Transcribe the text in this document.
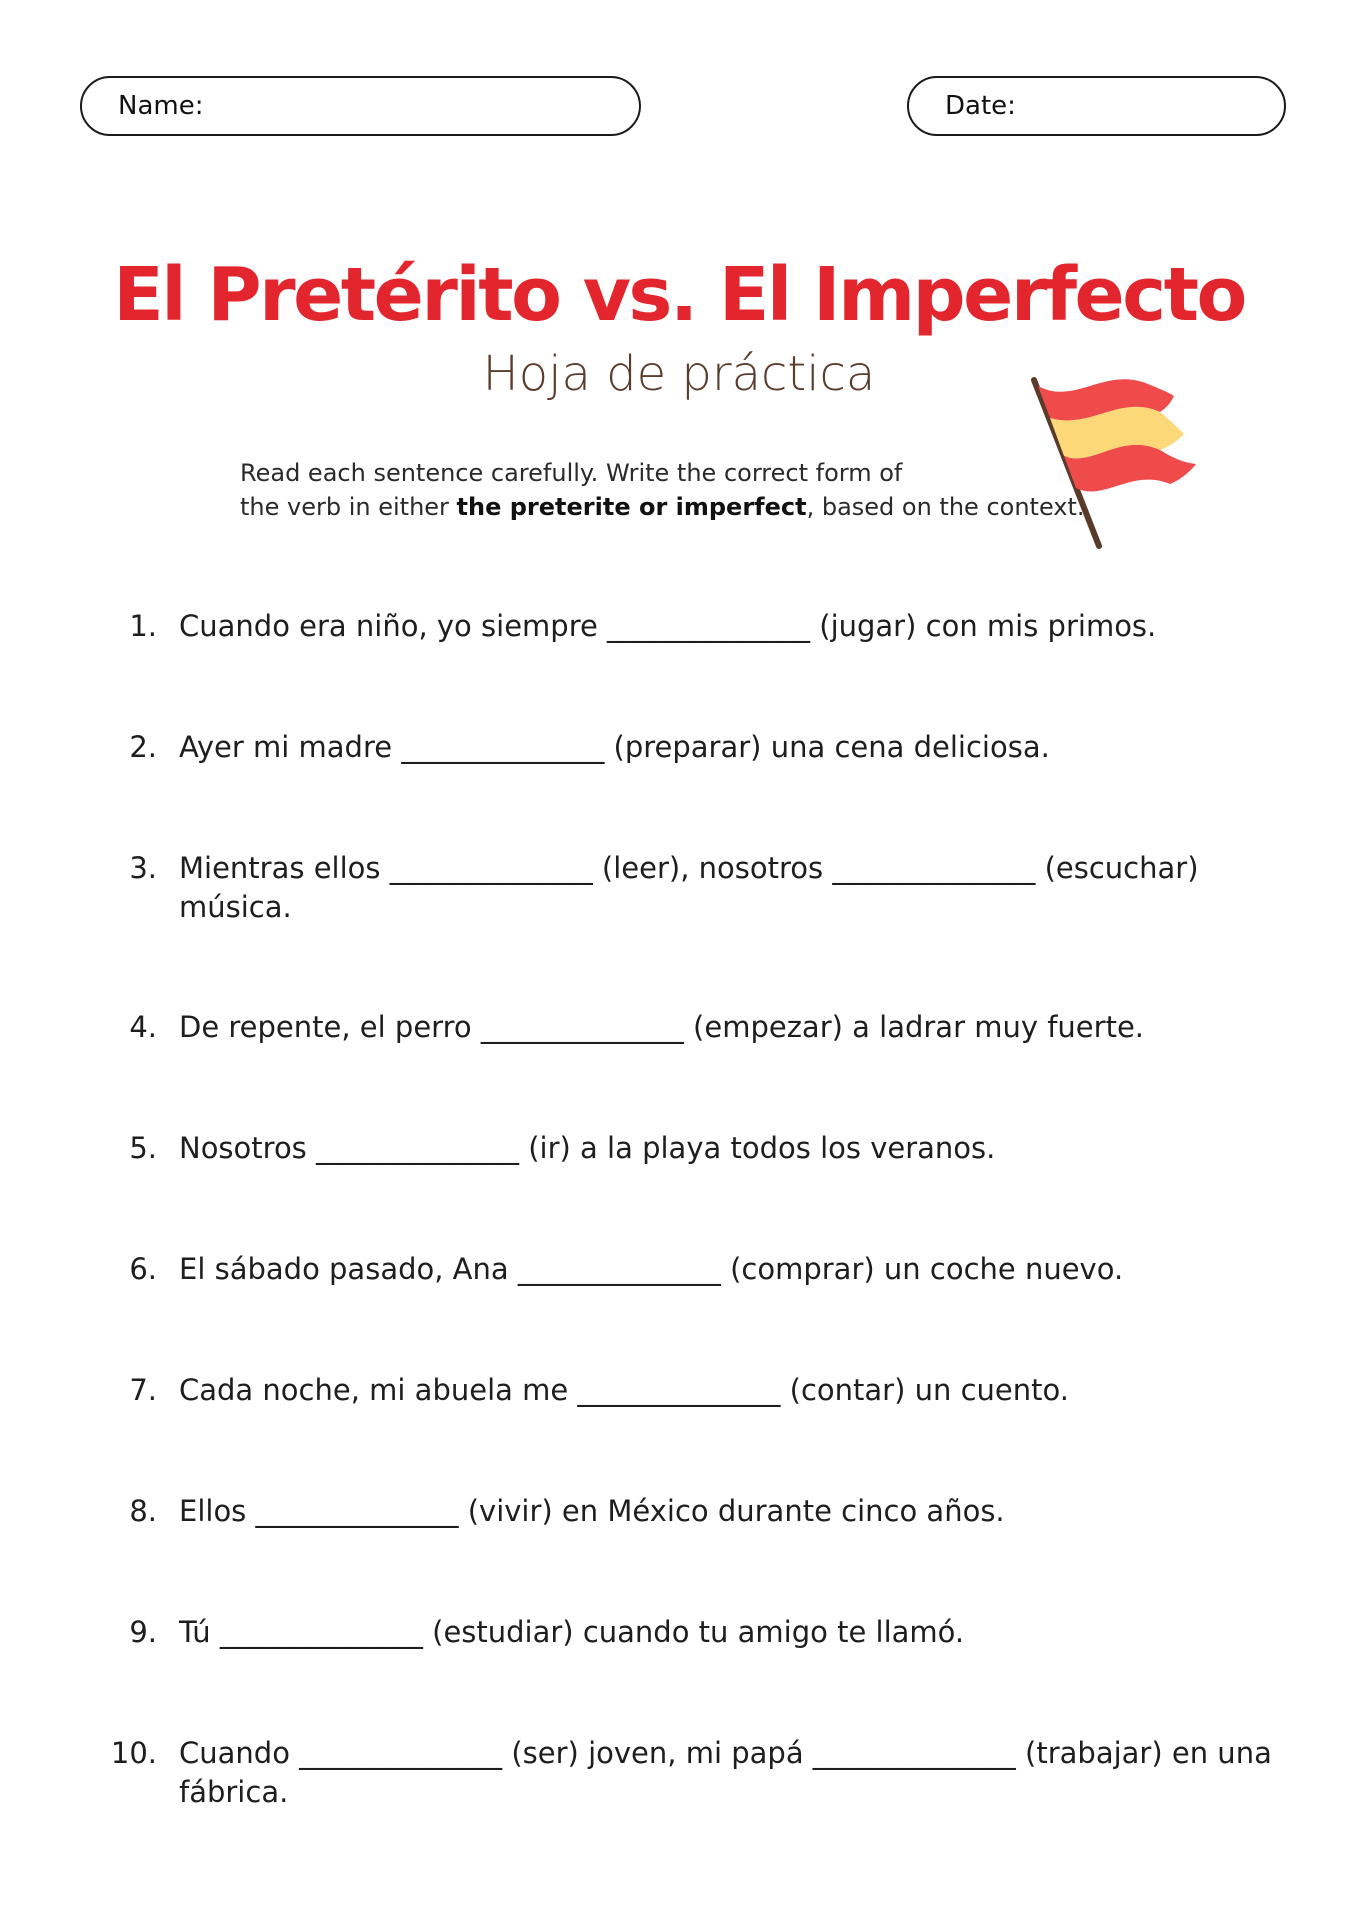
Name:	Date:
El Pretérito vs. El Imperfecto
Hoja de práctica
Read each sentence carefully. Write the correct form of
the verb in either the preterite or imperfect, based on the context.
1. Cuando era niño, yo siempre ______________ (jugar) con mis primos.
2. Ayer mi madre ______________ (preparar) una cena deliciosa.
3. Mientras ellos ______________ (leer), nosotros ______________ (escuchar) música.
4. De repente, el perro ______________ (empezar) a ladrar muy fuerte.
5. Nosotros ______________ (ir) a la playa todos los veranos.
6. El sábado pasado, Ana ______________ (comprar) un coche nuevo.
7. Cada noche, mi abuela me ______________ (contar) un cuento.
8. Ellos ______________ (vivir) en México durante cinco años.
9. Tú ______________ (estudiar) cuando tu amigo te llamó.
10. Cuando ______________ (ser) joven, mi papá ______________ (trabajar) en una fábrica.
